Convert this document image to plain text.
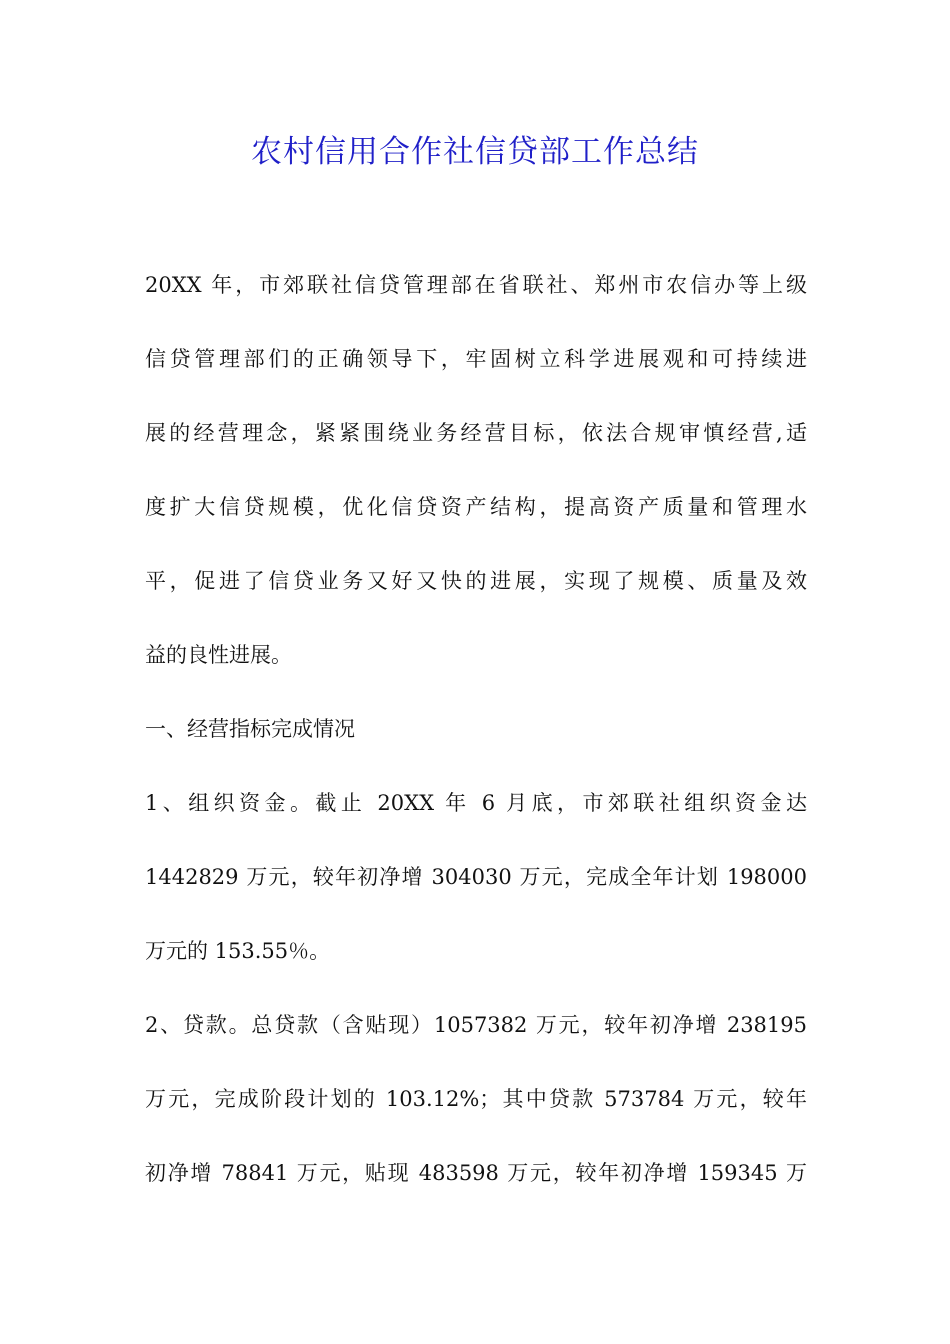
农村信用合作社信贷部工作总结
20XX 年，市郊联社信贷管理部在省联社、郑州市农信办等上级
信贷管理部们的正确领导下，牢固树立科学进展观和可持续进
展的经营理念，紧紧围绕业务经营目标，依法合规审慎经营,适
度扩大信贷规模，优化信贷资产结构，提高资产质量和管理水
平，促进了信贷业务又好又快的进展，实现了规模、质量及效
益的良性进展。
一、经营指标完成情况
1、组织资金。截止 20XX 年 6 月底，市郊联社组织资金达
1442829 万元，较年初净增 304030 万元，完成全年计划 198000
万元的 153.55％。
2、贷款。总贷款（含贴现）1057382 万元，较年初净增 238195
万元，完成阶段计划的 103.12%；其中贷款 573784 万元，较年
初净增 78841 万元，贴现 483598 万元，较年初净增 159345 万
